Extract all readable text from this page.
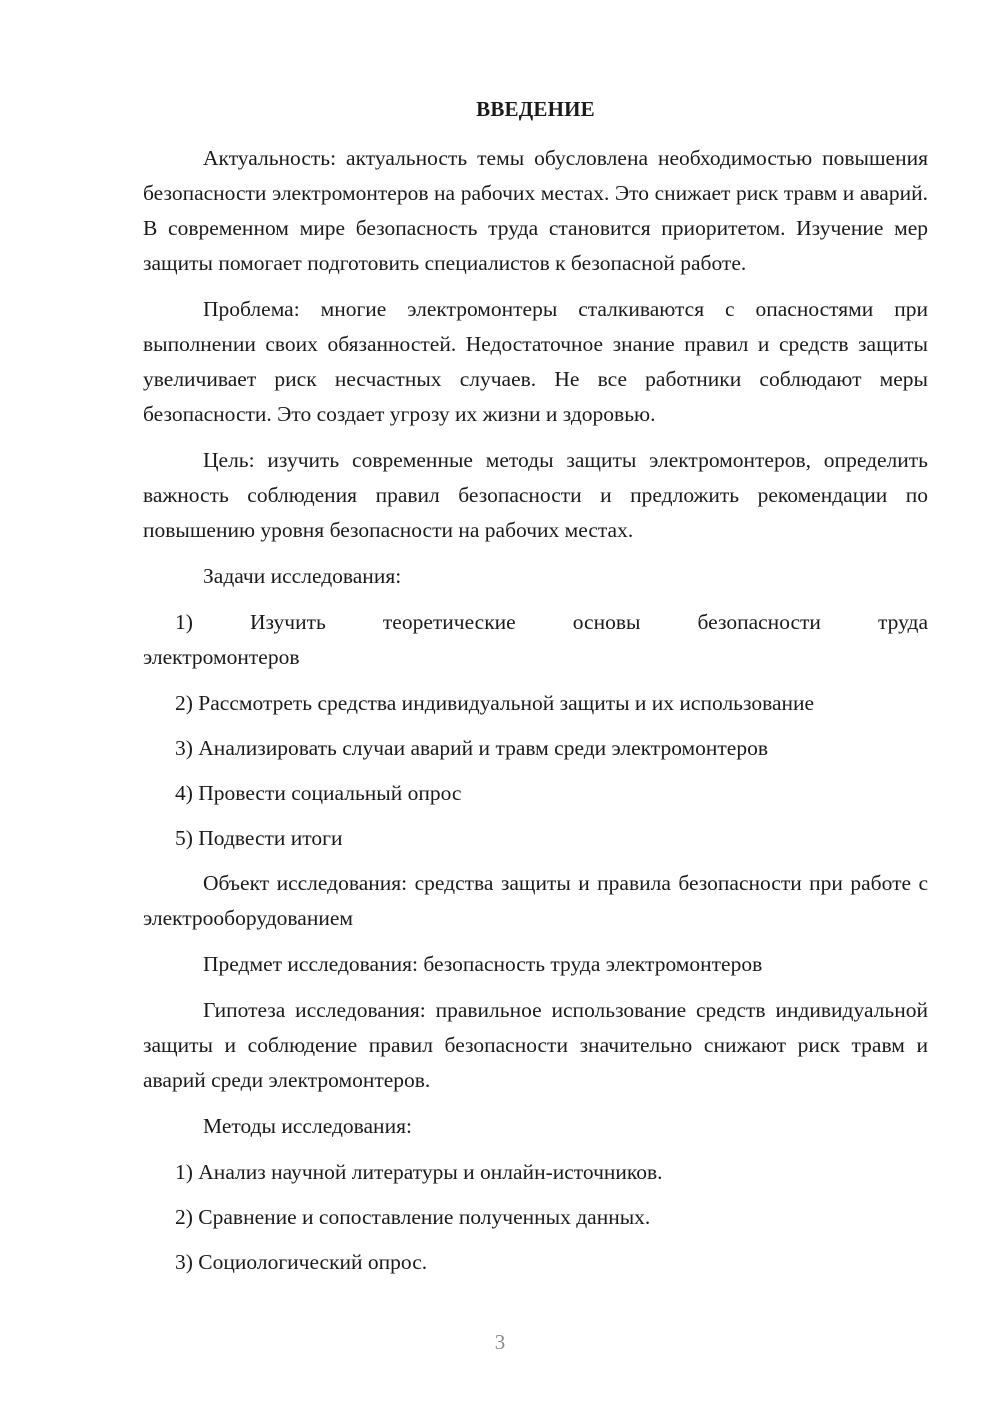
ВВЕДЕНИЕ

Актуальность: актуальность темы обусловлена необходимостью повышения безопасности электромонтеров на рабочих местах. Это снижает риск травм и аварий. В современном мире безопасность труда становится приоритетом. Изучение мер защиты помогает подготовить специалистов к безопасной работе.

Проблема: многие электромонтеры сталкиваются с опасностями при выполнении своих обязанностей. Недостаточное знание правил и средств защиты увеличивает риск несчастных случаев. Не все работники соблюдают меры безопасности. Это создает угрозу их жизни и здоровью.

Цель: изучить современные методы защиты электромонтеров, определить важность соблюдения правил безопасности и предложить рекомендации по повышению уровня безопасности на рабочих местах.

Задачи исследования:

1)	Изучить	теоретические	основы	безопасности	труда
электромонтеров

2) Рассмотреть средства индивидуальной защиты и их использование

3) Анализировать случаи аварий и травм среди электромонтеров

4) Провести социальный опрос

5) Подвести итоги

Объект исследования: средства защиты и правила безопасности при работе с электрооборудованием

Предмет исследования: безопасность труда электромонтеров

Гипотеза исследования: правильное использование средств индивидуальной защиты и соблюдение правил безопасности значительно снижают риск травм и аварий среди электромонтеров.

Методы исследования:

1) Анализ научной литературы и онлайн-источников.

2) Сравнение и сопоставление полученных данных.

3) Социологический опрос.

3
